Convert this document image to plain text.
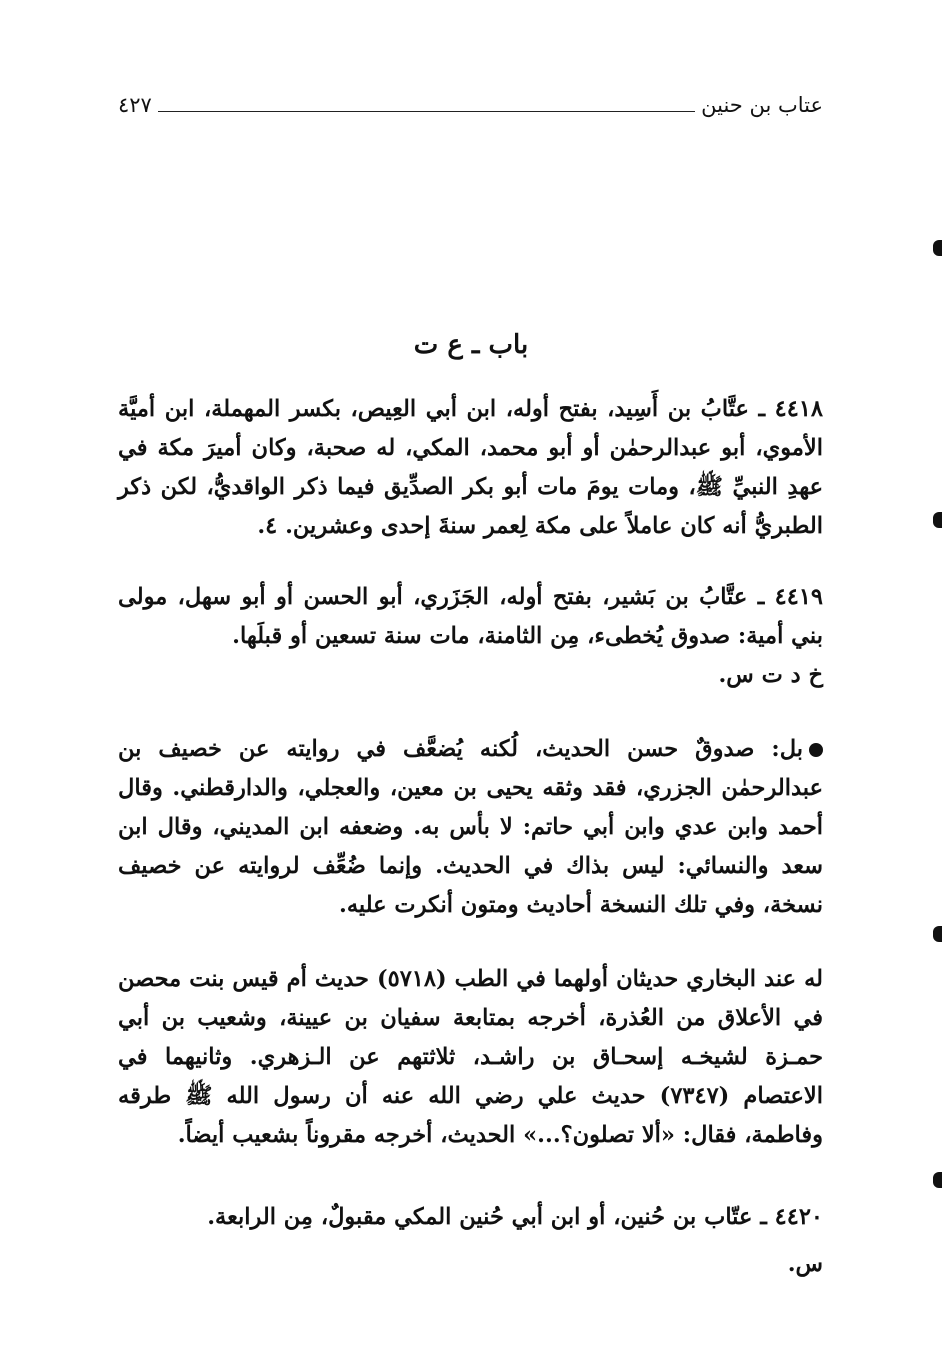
عتاب بن حنين
٤٢٧
باب ـ ع ت
٤٤١٨ ـ عتَّابُ بن أَسِيد، بفتح أوله، ابن أبي العِيص، بكسر المهملة، ابن أميَّة الأموي، أبو عبدالرحمٰن أو أبو محمد، المكي، له صحبة، وكان أميرَ مكة في عهدِ النبيِّ ﷺ، ومات يومَ مات أبو بكر الصدِّيق فيما ذكر الواقديُّ، لكن ذكر الطبريُّ أنه كان عاملاً على مكة لِعمر سنةَ إحدى وعشرين. ٤.
٤٤١٩ ـ عتَّابُ بن بَشير، بفتح أوله، الجَزَري، أبو الحسن أو أبو سهل، مولى بني أمية: صدوق يُخطىء، مِن الثامنة، مات سنة تسعين أو قبلَها.
خ د ت س.
بل: صدوقٌ حسن الحديث، لُكنه يُضعَّف في روايته عن خصيف بن عبدالرحمٰن الجزري، فقد وثقه يحيى بن معين، والعجلي، والدارقطني. وقال أحمد وابن عدي وابن أبي حاتم: لا بأس به. وضعفه ابن المديني، وقال ابن سعد والنسائي: ليس بذاك في الحديث. وإنما ضُعِّف لروايته عن خصيف نسخة، وفي تلك النسخة أحاديث ومتون أنكرت عليه.
له عند البخاري حديثان أولهما في الطب (٥٧١٨) حديث أم قيس بنت محصن في الأعلاق من العُذرة، أخرجه بمتابعة سفيان بن عيينة، وشعيب بن أبي حمـزة لشيخـه إسحـاق بن راشـد، ثلاثتهم عن الـزهري. وثانيهما في الاعتصام (٧٣٤٧) حديث علي رضي الله عنه أن رسول الله ﷺ طرقه وفاطمة، فقال: «ألا تصلون؟...» الحديث، أخرجه مقروناً بشعيب أيضاً.
٤٤٢٠ ـ عتّاب بن حُنين، أو ابن أبي حُنين المكي مقبولٌ، مِن الرابعة.
س.
